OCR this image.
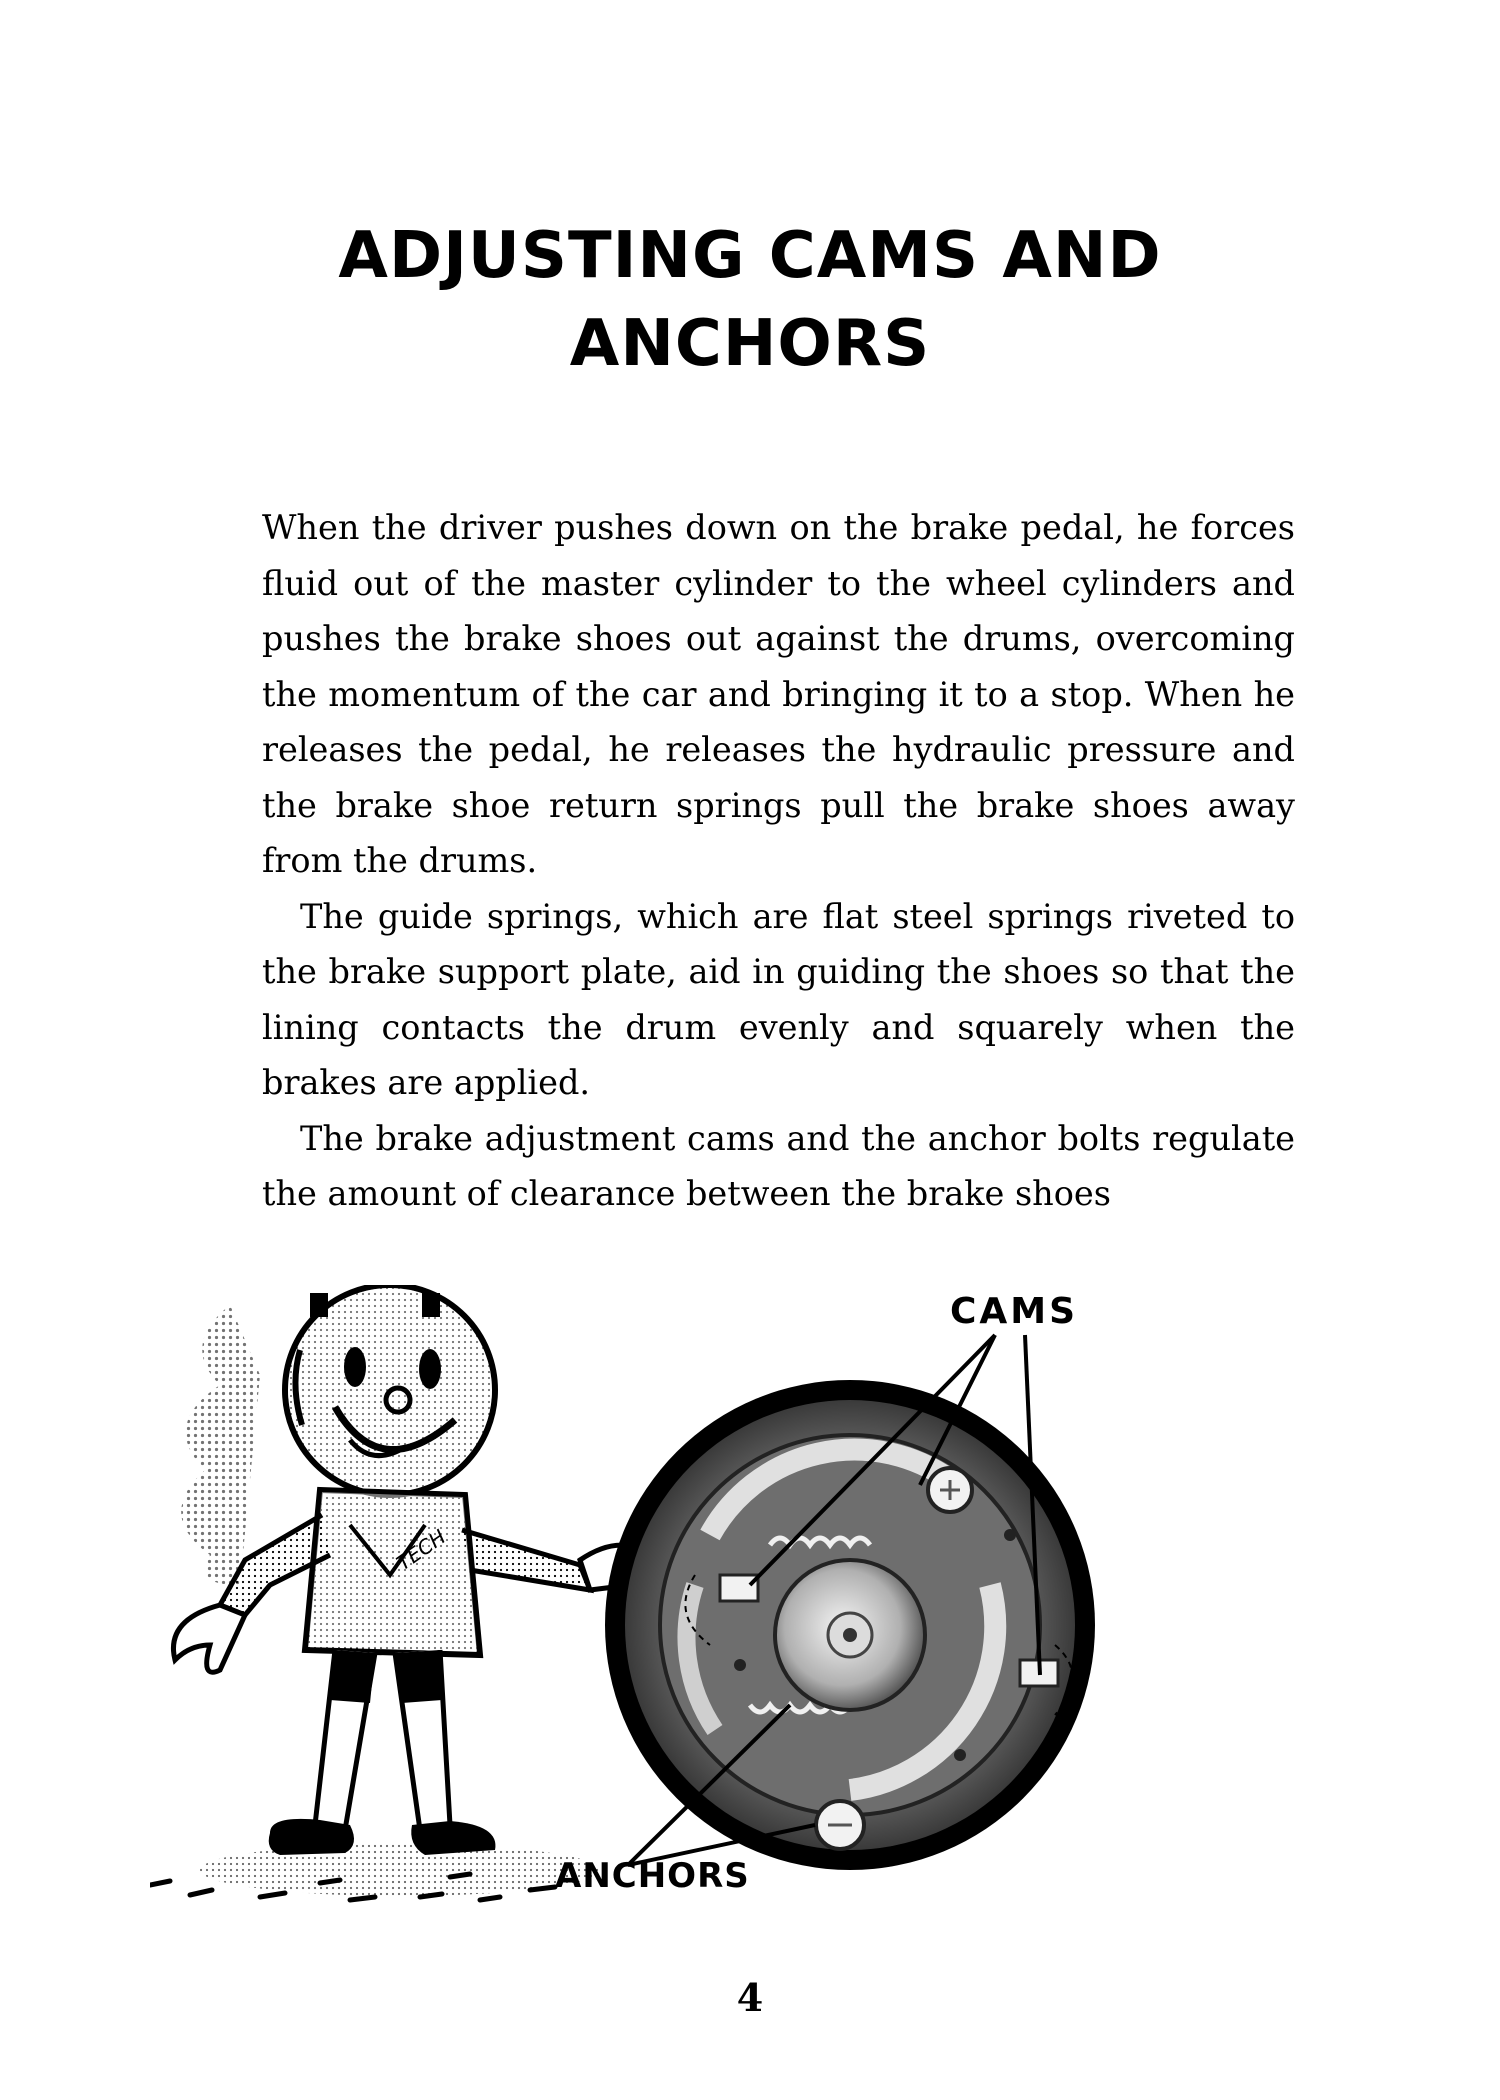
ADJUSTING CAMS AND
ANCHORS

When the driver pushes down on the brake pedal, he forces fluid out of the master cylinder to the wheel cylinders and pushes the brake shoes out against the drums, overcoming the momentum of the car and bringing it to a stop. When he releases the pedal, he releases the hydraulic pressure and the brake shoe return springs pull the brake shoes away from the drums.

The guide springs, which are flat steel springs riveted to the brake support plate, aid in guiding the shoes so that the lining contacts the drum evenly and squarely when the brakes are applied.

The brake adjustment cams and the anchor bolts regulate the amount of clearance between the brake shoes

TECH
CAMS
ANCHORS

4
